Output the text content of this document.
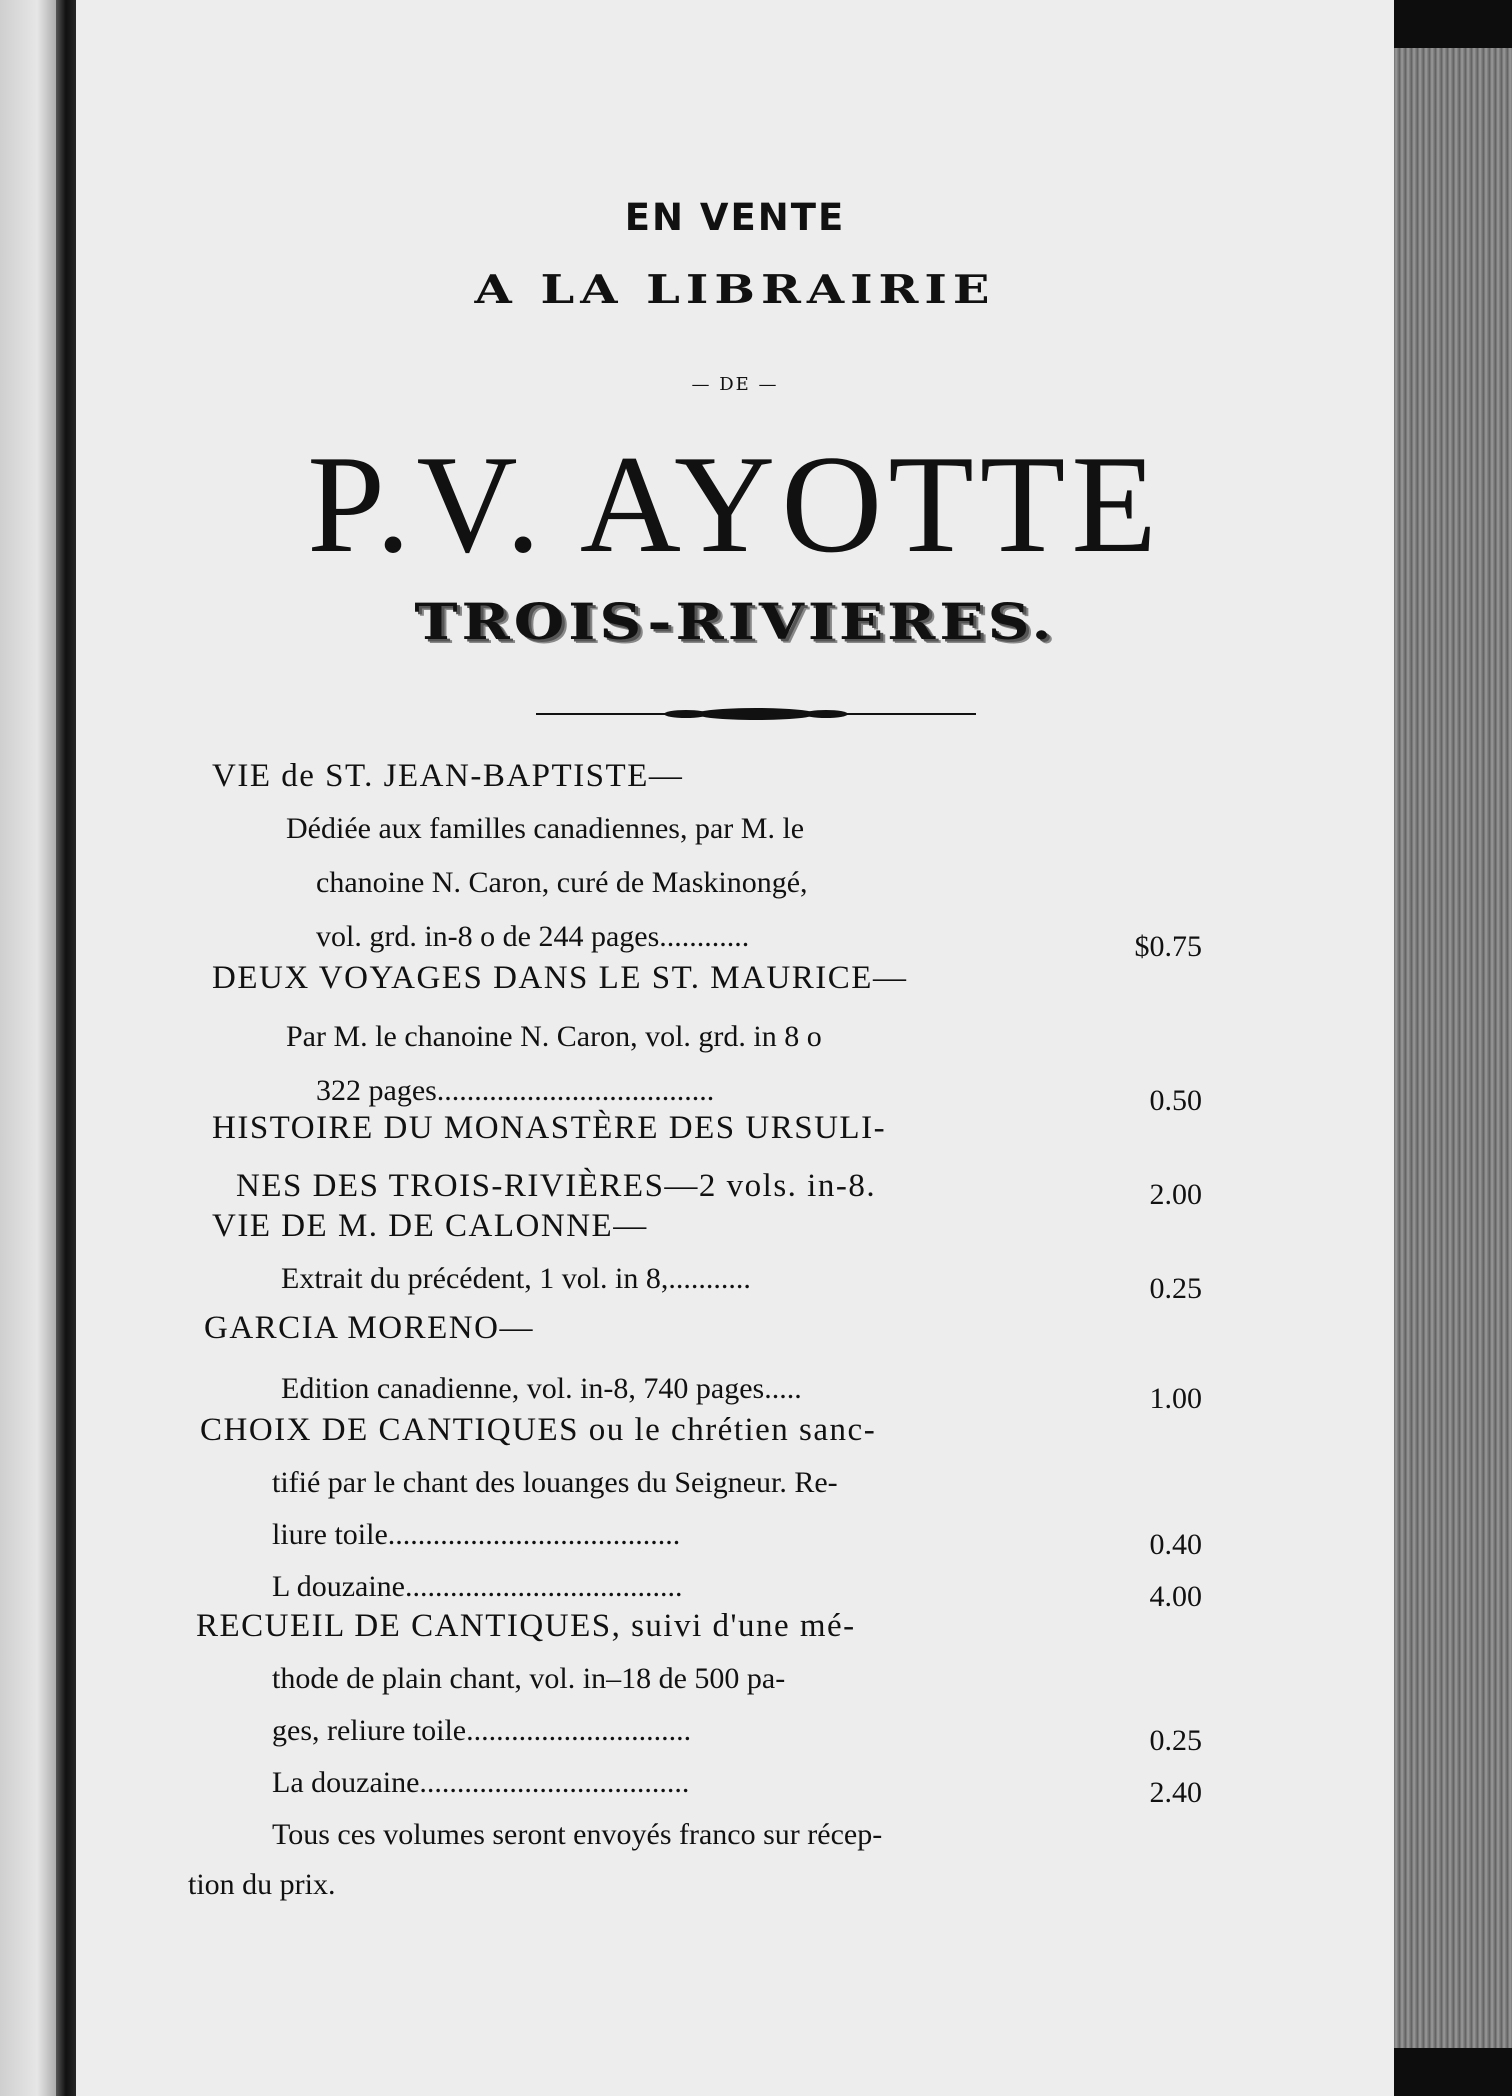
EN VENTE
A LA LIBRAIRIE
— DE —
P.V. AYOTTE
TROIS-RIVIERES.
VIE de ST. JEAN-BAPTISTE—
Dédiée aux familles canadiennes, par M. le
chanoine N. Caron, curé de Maskinongé,
vol. grd. in-8 o de 244 pages............	$0.75
DEUX VOYAGES DANS LE ST. MAURICE—
Par M. le chanoine N. Caron, vol. grd. in 8 o
322 pages.....................................	0.50
HISTOIRE DU MONASTÈRE DES URSULI-
NES DES TROIS-RIVIÈRES—2 vols. in-8.	2.00
VIE DE M. DE CALONNE—
Extrait du précédent, 1 vol. in 8,...........	0.25
GARCIA MORENO—
Edition canadienne, vol. in-8, 740 pages.....	1.00
CHOIX DE CANTIQUES ou le chrétien sanc-
tifié par le chant des louanges du Seigneur. Re-
liure toile.......................................	0.40
L douzaine.....................................	4.00
RECUEIL DE CANTIQUES, suivi d'une mé-
thode de plain chant, vol. in–18 de 500 pa-
ges, reliure toile..............................	0.25
La douzaine....................................	2.40
Tous ces volumes seront envoyés franco sur récep-
tion du prix.
